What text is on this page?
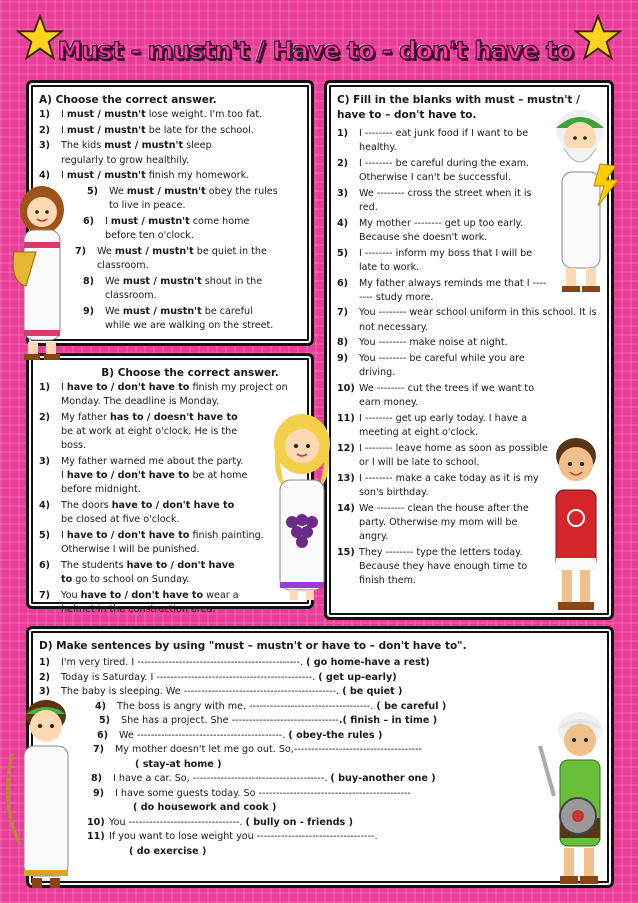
Must - mustn't / Have to - don't have to
A) Choose the correct answer.
1) I must / mustn't lose weight. I'm too fat.
2) I must / mustn't be late for the school.
3) The kids must / mustn't sleep regularly to grow healthily.
4) I must / mustn't finish my homework.
5) We must / mustn't obey the rules to live in peace.
6) I must / mustn't come home before ten o'clock.
7) We must / mustn't be quiet in the classroom.
8) We must / mustn't shout in the classroom.
9) We must / mustn't be careful while we are walking on the street.
B) Choose the correct answer.
1) I have to / don't have to finish my project on Monday. The deadline is Monday.
2) My father has to / doesn't have to be at work at eight o'clock. He is the boss.
3) My father warned me about the party. I have to / don't have to be at home before midnight.
4) The doors have to / don't have to be closed at five o'clock.
5) I have to / don't have to finish painting. Otherwise I will be punished.
6) The students have to / don't have to go to school on Sunday.
7) You have to / don't have to wear a helmet in the construction area.
C) Fill in the blanks with must – mustn't / have to – don't have to.
1) I -------- eat junk food if I want to be healthy.
2) I -------- be careful during the exam. Otherwise I can't be successful.
3) We -------- cross the street when it is red.
4) My mother -------- get up too early. Because she doesn't work.
5) I -------- inform my boss that I will be late to work.
6) My father always reminds me that I -------- study more.
7) You -------- wear school uniform in this school. It is not necessary.
8) You -------- make noise at night.
9) You -------- be careful while you are driving.
10) We -------- cut the trees if we want to earn money.
11) I -------- get up early today. I have a meeting at eight o'clock.
12) I -------- leave home as soon as possible or I will be late to school.
13) I -------- make a cake today as it is my son's birthday.
14) We -------- clean the house after the party. Otherwise my mom will be angry.
15) They -------- type the letters today. Because they have enough time to finish them.
D) Make sentences by using "must – mustn't or have to – don't have to".
1) I'm very tired. I -----------------------------------------------. ( go home-have a rest)
2) Today is Saturday. I ---------------------------------------------. ( get up-early)
3) The baby is sleeping. We --------------------------------------------. ( be quiet )
4) The boss is angry with me. -----------------------------------. ( be careful )
5) She has a project. She -------------------------------.( finish – in time )
6) We ------------------------------------------. ( obey-the rules )
7) My mother doesn't let me go out. So,-------------------------------------
( stay-at home )
8) I have a car. So, --------------------------------------. ( buy-another one )
9) I have some guests today. So --------------------------------------------
( do housework and cook )
10) You --------------------------------. ( bully on - friends )
11) If you want to lose weight you ----------------------------------.
( do exercise )
